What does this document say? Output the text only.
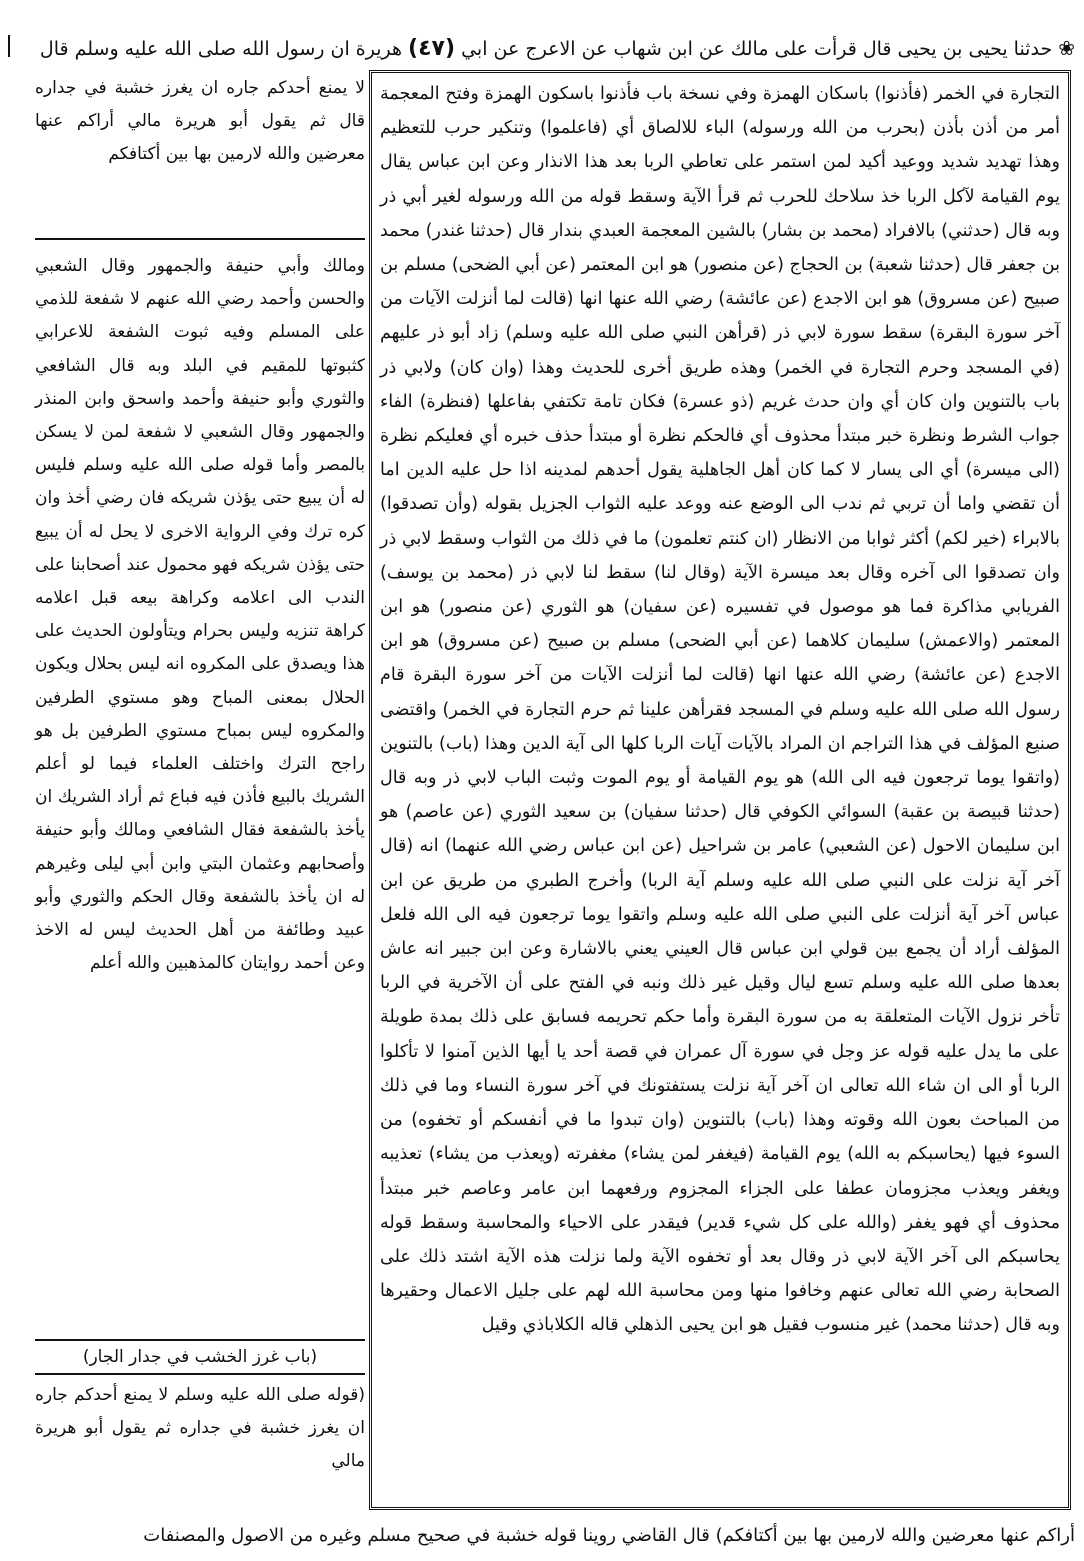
❀ حدثنا يحيى بن يحيى قال قرأت على مالك عن ابن شهاب عن الاعرج عن ابي (٤٧) هريرة ان رسول الله صلى الله عليه وسلم قال

لا يمنع أحدكم جاره ان يغرز خشبة في جداره قال ثم يقول أبو هريرة مالي أراكم عنها معرضين والله لارمين بها بين أكتافكم

ومالك وأبي حنيفة والجمهور وقال الشعبي والحسن وأحمد رضي الله عنهم لا شفعة للذمي على المسلم وفيه ثبوت الشفعة للاعرابي كثبوتها للمقيم في البلد وبه قال الشافعي والثوري وأبو حنيفة وأحمد واسحق وابن المنذر والجمهور وقال الشعبي لا شفعة لمن لا يسكن بالمصر وأما قوله صلى الله عليه وسلم فليس له أن يبيع حتى يؤذن شريكه فان رضي أخذ وان كره ترك وفي الرواية الاخرى لا يحل له أن يبيع حتى يؤذن شريكه فهو محمول عند أصحابنا على الندب الى اعلامه وكراهة بيعه قبل اعلامه كراهة تنزيه وليس بحرام ويتأولون الحديث على هذا ويصدق على المكروه انه ليس بحلال ويكون الحلال بمعنى المباح وهو مستوي الطرفين والمكروه ليس بمباح مستوي الطرفين بل هو راجح الترك واختلف العلماء فيما لو أعلم الشريك بالبيع فأذن فيه فباع ثم أراد الشريك ان يأخذ بالشفعة فقال الشافعي ومالك وأبو حنيفة وأصحابهم وعثمان البتي وابن أبي ليلى وغيرهم له ان يأخذ بالشفعة وقال الحكم والثوري وأبو عبيد وطائفة من أهل الحديث ليس له الاخذ وعن أحمد روايتان كالمذهبين والله أعلم

(باب غرز الخشب في جدار الجار)

(قوله صلى الله عليه وسلم لا يمنع أحدكم جاره ان يغرز خشبة في جداره ثم يقول أبو هريرة مالي

التجارة في الخمر (فأذنوا) باسكان الهمزة وفي نسخة باب فأذنوا باسكون الهمزة وفتح المعجمة أمر من أذن بأذن (بحرب من الله ورسوله) الباء للالصاق أي (فاعلموا) وتنكير حرب للتعظيم وهذا تهديد شديد ووعيد أكيد لمن استمر على تعاطي الربا بعد هذا الانذار وعن ابن عباس يقال يوم القيامة لآكل الربا خذ سلاحك للحرب ثم قرأ الآية وسقط قوله من الله ورسوله لغير أبي ذر وبه قال (حدثني) بالافراد (محمد بن بشار) بالشين المعجمة العبدي بندار قال (حدثنا غندر) محمد بن جعفر قال (حدثنا شعبة) بن الحجاج (عن منصور) هو ابن المعتمر (عن أبي الضحى) مسلم بن صبيح (عن مسروق) هو ابن الاجدع (عن عائشة) رضي الله عنها انها (قالت لما أنزلت الآيات من آخر سورة البقرة) سقط سورة لابي ذر (قرأهن النبي صلى الله عليه وسلم) زاد أبو ذر عليهم (في المسجد وحرم التجارة في الخمر) وهذه طريق أخرى للحديث وهذا (وان كان) ولابي ذر باب بالتنوين وان كان أي وان حدث غريم (ذو عسرة) فكان تامة تكتفي بفاعلها (فنظرة) الفاء جواب الشرط ونظرة خبر مبتدأ محذوف أي فالحكم نظرة أو مبتدأ حذف خبره أي فعليكم نظرة (الى ميسرة) أي الى يسار لا كما كان أهل الجاهلية يقول أحدهم لمدينه اذا حل عليه الدين اما أن تقضي واما أن تربي ثم ندب الى الوضع عنه ووعد عليه الثواب الجزيل بقوله (وأن تصدقوا) بالابراء (خير لكم) أكثر ثوابا من الانظار (ان كنتم تعلمون) ما في ذلك من الثواب وسقط لابي ذر وان تصدقوا الى آخره وقال بعد ميسرة الآية (وقال لنا) سقط لنا لابي ذر (محمد بن يوسف) الفريابي مذاكرة فما هو موصول في تفسيره (عن سفيان) هو الثوري (عن منصور) هو ابن المعتمر (والاعمش) سليمان كلاهما (عن أبي الضحى) مسلم بن صبيح (عن مسروق) هو ابن الاجدع (عن عائشة) رضي الله عنها انها (قالت لما أنزلت الآيات من آخر سورة البقرة قام رسول الله صلى الله عليه وسلم في المسجد فقرأهن علينا ثم حرم التجارة في الخمر) واقتضى صنيع المؤلف في هذا التراجم ان المراد بالآيات آيات الربا كلها الى آية الدين وهذا (باب) بالتنوين (واتقوا يوما ترجعون فيه الى الله) هو يوم القيامة أو يوم الموت وثبت الباب لابي ذر وبه قال (حدثنا قبيصة بن عقبة) السوائي الكوفي قال (حدثنا سفيان) بن سعيد الثوري (عن عاصم) هو ابن سليمان الاحول (عن الشعبي) عامر بن شراحيل (عن ابن عباس رضي الله عنهما) انه (قال آخر آية نزلت على النبي صلى الله عليه وسلم آية الربا) وأخرج الطبري من طريق عن ابن عباس آخر آية أنزلت على النبي صلى الله عليه وسلم واتقوا يوما ترجعون فيه الى الله فلعل المؤلف أراد أن يجمع بين قولي ابن عباس قال العيني يعني بالاشارة وعن ابن جبير انه عاش بعدها صلى الله عليه وسلم تسع ليال وقيل غير ذلك ونبه في الفتح على أن الآخرية في الربا تأخر نزول الآيات المتعلقة به من سورة البقرة وأما حكم تحريمه فسابق على ذلك بمدة طويلة على ما يدل عليه قوله عز وجل في سورة آل عمران في قصة أحد يا أيها الذين آمنوا لا تأكلوا الربا أو الى ان شاء الله تعالى ان آخر آية نزلت يستفتونك في آخر سورة النساء وما في ذلك من المباحث بعون الله وقوته وهذا (باب) بالتنوين (وان تبدوا ما في أنفسكم أو تخفوه) من السوء فيها (يحاسبكم به الله) يوم القيامة (فيغفر لمن يشاء) مغفرته (ويعذب من يشاء) تعذيبه ويغفر ويعذب مجزومان عطفا على الجزاء المجزوم ورفعهما ابن عامر وعاصم خبر مبتدأ محذوف أي فهو يغفر (والله على كل شيء قدير) فيقدر على الاحياء والمحاسبة وسقط قوله يحاسبكم الى آخر الآية لابي ذر وقال بعد أو تخفوه الآية ولما نزلت هذه الآية اشتد ذلك على الصحابة رضي الله تعالى عنهم وخافوا منها ومن محاسبة الله لهم على جليل الاعمال وحقيرها وبه قال (حدثنا محمد) غير منسوب فقيل هو ابن يحيى الذهلي قاله الكلاباذي وقيل

أراكم عنها معرضين والله لارمين بها بين أكتافكم) قال القاضي روينا قوله خشبة في صحيح مسلم وغيره من الاصول والمصنفات
